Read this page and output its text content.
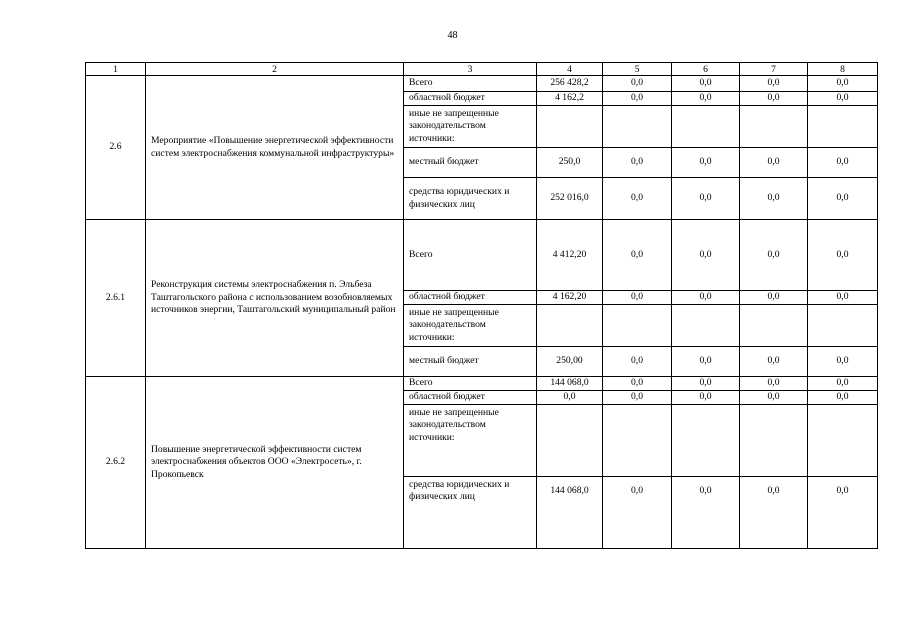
48
1	2	3	4	5	6	7	8
2.6	Мероприятие «Повышение энергетической эффективности систем электроснабжения коммунальной инфраструктуры»	Всего	256 428,2	0,0	0,0	0,0	0,0
		областной бюджет	4 162,2	0,0	0,0	0,0	0,0
		иные не запрещенные законодательством источники:					
		местный бюджет	250,0	0,0	0,0	0,0	0,0
		средства юридических и физических лиц	252 016,0	0,0	0,0	0,0	0,0
2.6.1	Реконструкция системы электроснабжения п. Эльбеза Таштагольского района с использованием возобновляемых источников энергии, Таштагольский муниципальный район	Всего	4 412,20	0,0	0,0	0,0	0,0
		областной бюджет	4 162,20	0,0	0,0	0,0	0,0
		иные не запрещенные законодательством источники:					
		местный бюджет	250,00	0,0	0,0	0,0	0,0
2.6.2	Повышение энергетической эффективности систем электроснабжения объектов ООО «Электросеть», г. Прокопьевск	Всего	144 068,0	0,0	0,0	0,0	0,0
		областной бюджет	0,0	0,0	0,0	0,0	0,0
		иные не запрещенные законодательством источники:					
		средства юридических и физических лиц	144 068,0	0,0	0,0	0,0	0,0
